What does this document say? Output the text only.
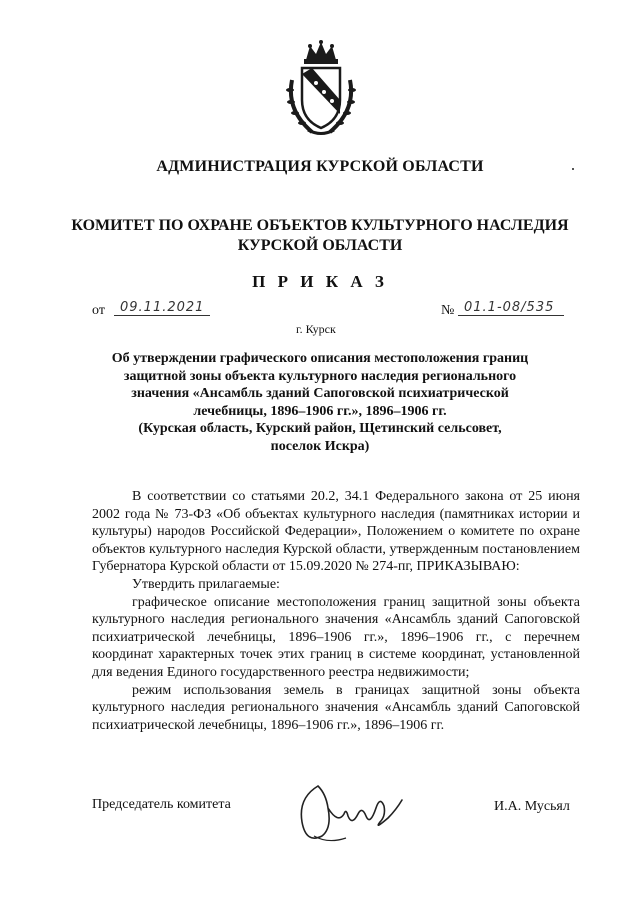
АДМИНИСТРАЦИЯ КУРСКОЙ ОБЛАСТИ
КОМИТЕТ ПО ОХРАНЕ ОБЪЕКТОВ КУЛЬТУРНОГО НАСЛЕДИЯ
КУРСКОЙ ОБЛАСТИ
П Р И К А З
от	09.11.2021	№ 01.1-08/535
г. Курск
Об утверждении графического описания местоположения границ
защитной зоны объекта культурного наследия регионального
значения «Ансамбль зданий Сапоговской психиатрической
лечебницы, 1896–1906 гг.», 1896–1906 гг.
(Курская область, Курский район, Щетинский сельсовет,
поселок Искра)

В соответствии со статьями 20.2, 34.1 Федерального закона от 25 июня 2002 года № 73-ФЗ «Об объектах культурного наследия (памятниках истории и культуры) народов Российской Федерации», Положением о комитете по охране объектов культурного наследия Курской области, утвержденным постановлением Губернатора Курской области от 15.09.2020 № 274-пг, ПРИКАЗЫВАЮ:

Утвердить прилагаемые:

графическое описание местоположения границ защитной зоны объекта культурного наследия регионального значения «Ансамбль зданий Сапоговской психиатрической лечебницы, 1896–1906 гг.», 1896–1906 гг., с перечнем координат характерных точек этих границ в системе координат, установленной для ведения Единого государственного реестра недвижимости;

режим использования земель в границах защитной зоны объекта культурного наследия регионального значения «Ансамбль зданий Сапоговской психиатрической лечебницы, 1896–1906 гг.», 1896–1906 гг.

Председатель комитета	И.А. Мусьял
